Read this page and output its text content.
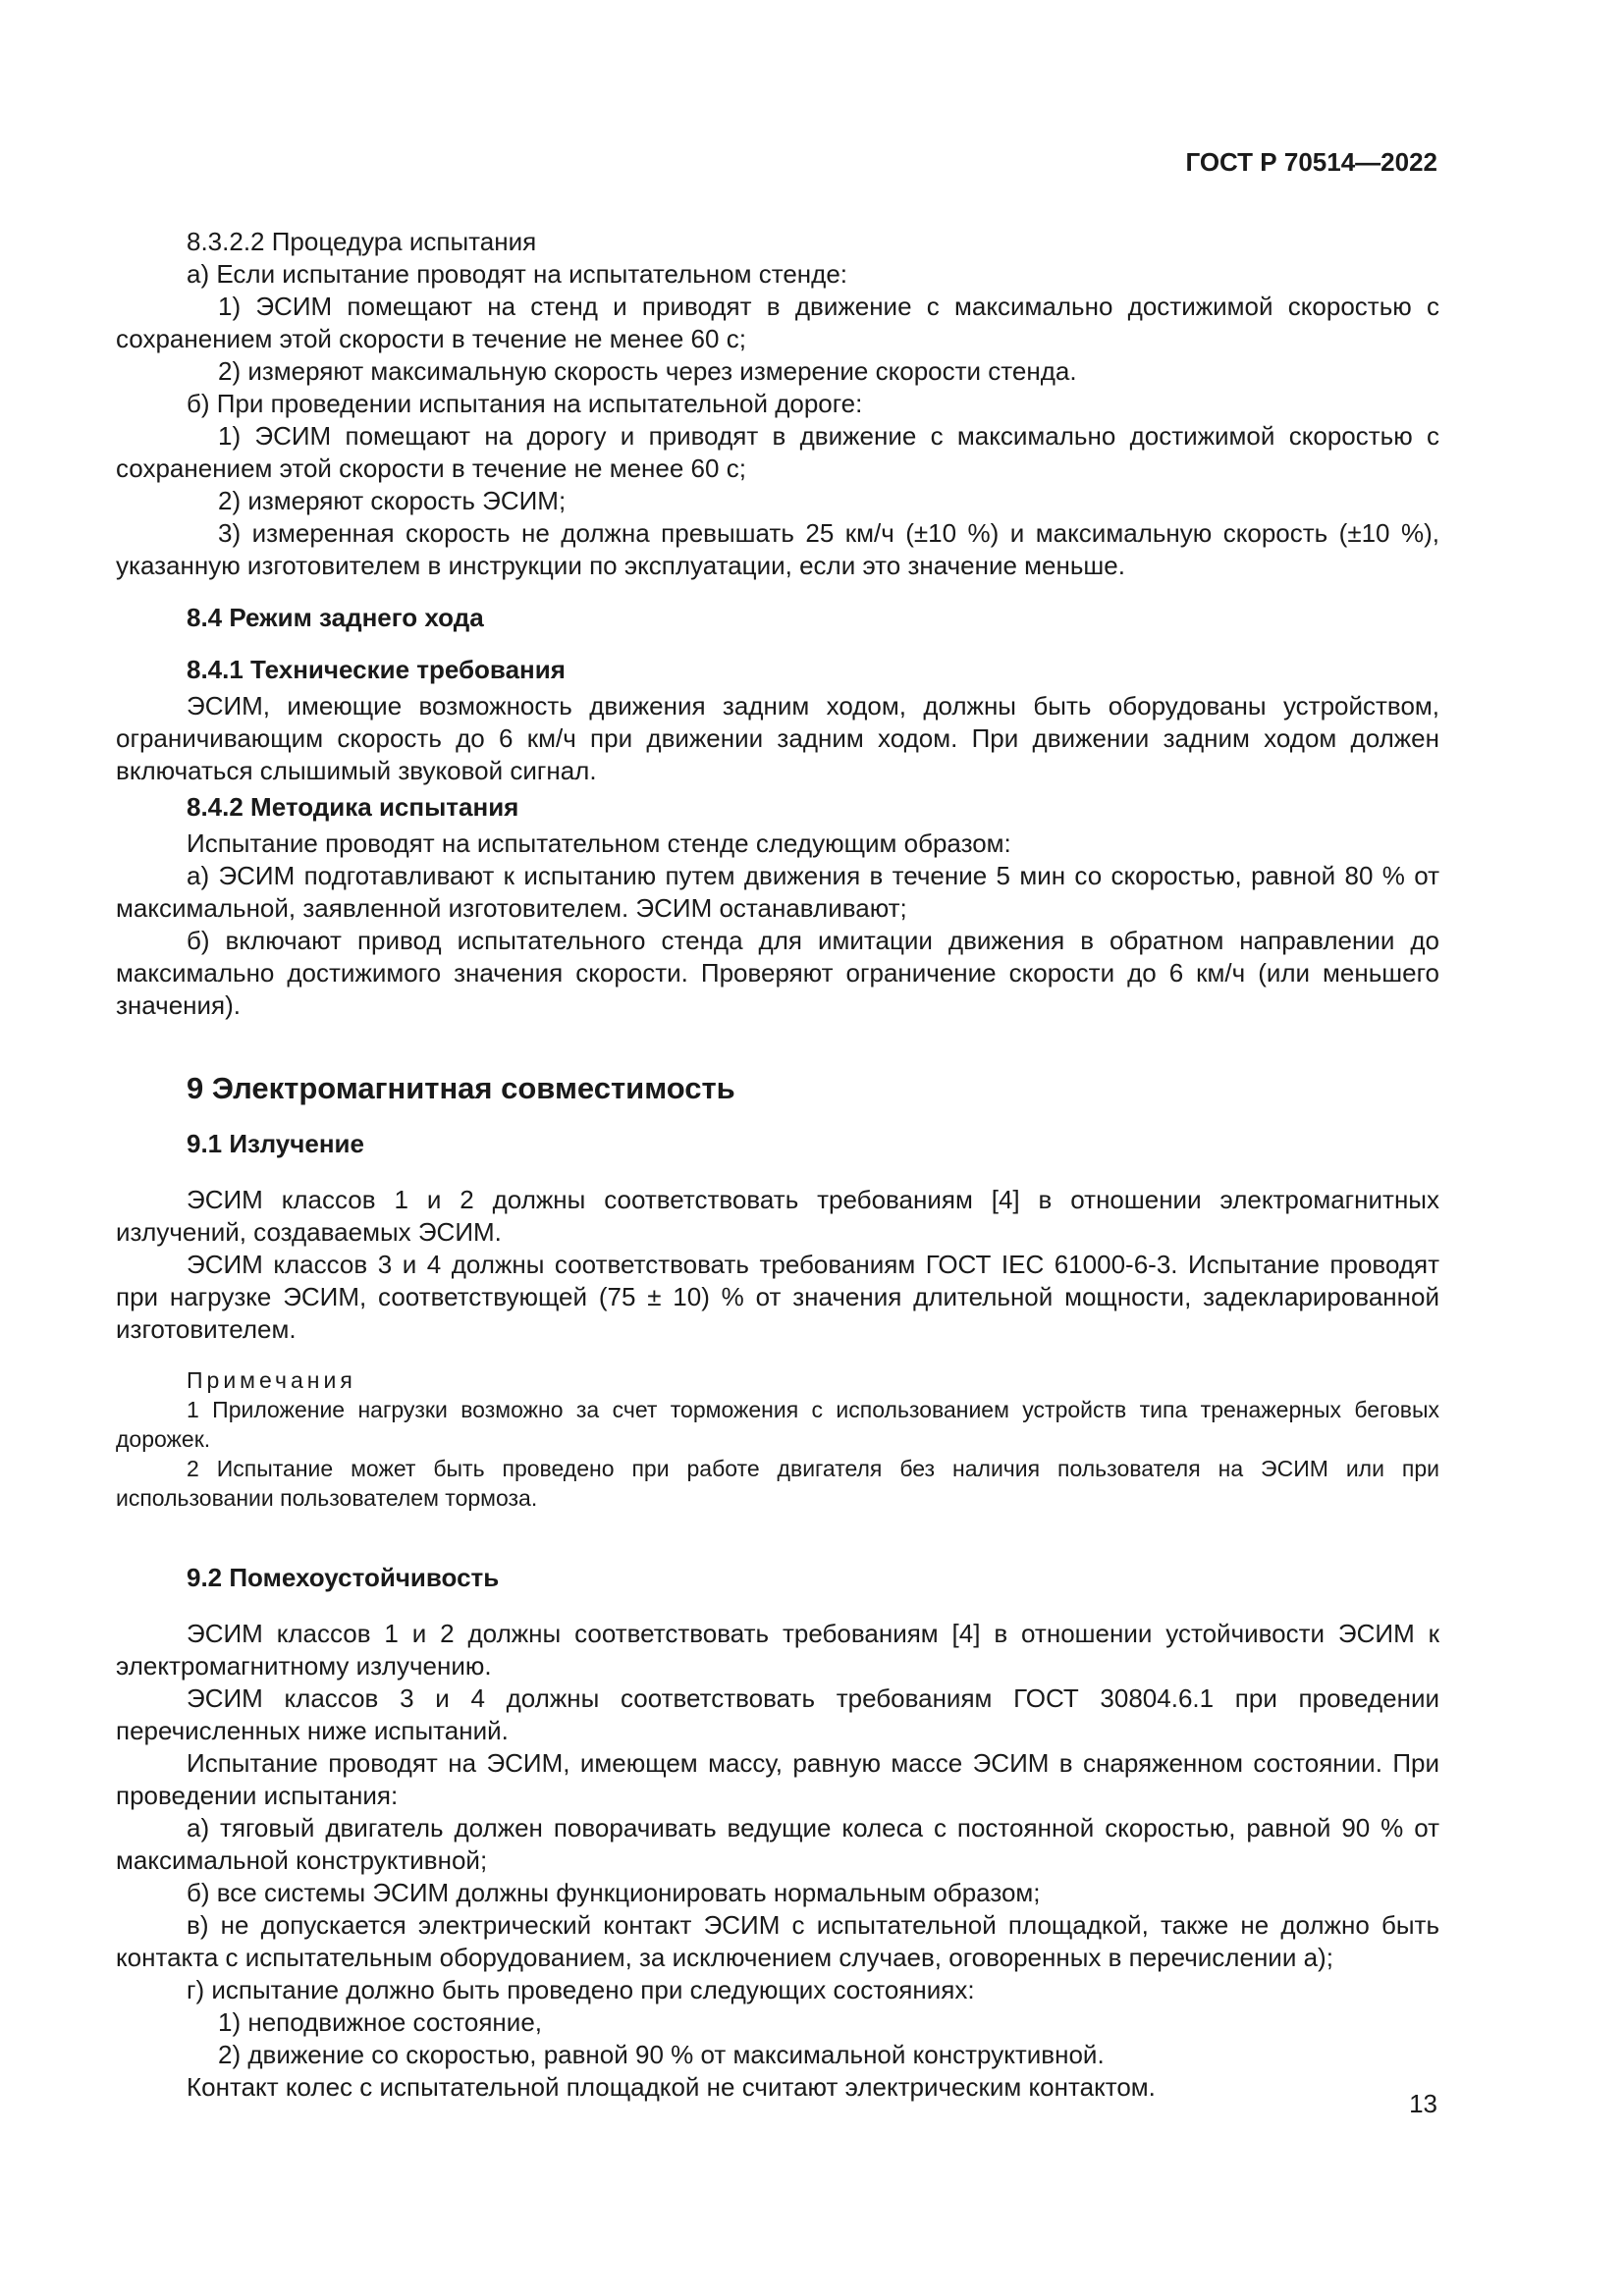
ГОСТ Р 70514—2022

8.3.2.2 Процедура испытания

а) Если испытание проводят на испытательном стенде:

1) ЭСИМ помещают на стенд и приводят в движение с максимально достижимой скоростью с сохранением этой скорости в течение не менее 60 с;

2) измеряют максимальную скорость через измерение скорости стенда.

б) При проведении испытания на испытательной дороге:

1) ЭСИМ помещают на дорогу и приводят в движение с максимально достижимой скоростью с сохранением этой скорости в течение не менее 60 с;

2) измеряют скорость ЭСИМ;

3) измеренная скорость не должна превышать 25 км/ч (±10 %) и максимальную скорость (±10 %), указанную изготовителем в инструкции по эксплуатации, если это значение меньше.

8.4 Режим заднего хода
8.4.1 Технические требования

ЭСИМ, имеющие возможность движения задним ходом, должны быть оборудованы устройством, ограничивающим скорость до 6 км/ч при движении задним ходом. При движении задним ходом должен включаться слышимый звуковой сигнал.

8.4.2 Методика испытания

Испытание проводят на испытательном стенде следующим образом:

а) ЭСИМ подготавливают к испытанию путем движения в течение 5 мин со скоростью, равной 80 % от максимальной, заявленной изготовителем. ЭСИМ останавливают;

б) включают привод испытательного стенда для имитации движения в обратном направлении до максимально достижимого значения скорости. Проверяют ограничение скорости до 6 км/ч (или меньшего значения).

9 Электромагнитная совместимость
9.1 Излучение

ЭСИМ классов 1 и 2 должны соответствовать требованиям [4] в отношении электромагнитных излучений, создаваемых ЭСИМ.

ЭСИМ классов 3 и 4 должны соответствовать требованиям ГОСТ IEC 61000-6-3. Испытание проводят при нагрузке ЭСИМ, соответствующей (75 ± 10) % от значения длительной мощности, задекларированной изготовителем.

Примечания

1 Приложение нагрузки возможно за счет торможения с использованием устройств типа тренажерных беговых дорожек.

2 Испытание может быть проведено при работе двигателя без наличия пользователя на ЭСИМ или при использовании пользователем тормоза.

9.2 Помехоустойчивость

ЭСИМ классов 1 и 2 должны соответствовать требованиям [4] в отношении устойчивости ЭСИМ к электромагнитному излучению.

ЭСИМ классов 3 и 4 должны соответствовать требованиям ГОСТ 30804.6.1 при проведении перечисленных ниже испытаний.

Испытание проводят на ЭСИМ, имеющем массу, равную массе ЭСИМ в снаряженном состоянии. При проведении испытания:

а) тяговый двигатель должен поворачивать ведущие колеса с постоянной скоростью, равной 90 % от максимальной конструктивной;

б) все системы ЭСИМ должны функционировать нормальным образом;

в) не допускается электрический контакт ЭСИМ с испытательной площадкой, также не должно быть контакта с испытательным оборудованием, за исключением случаев, оговоренных в перечислении а);

г) испытание должно быть проведено при следующих состояниях:

1) неподвижное состояние,

2) движение со скоростью, равной 90 % от максимальной конструктивной.

Контакт колес с испытательной площадкой не считают электрическим контактом.

13
